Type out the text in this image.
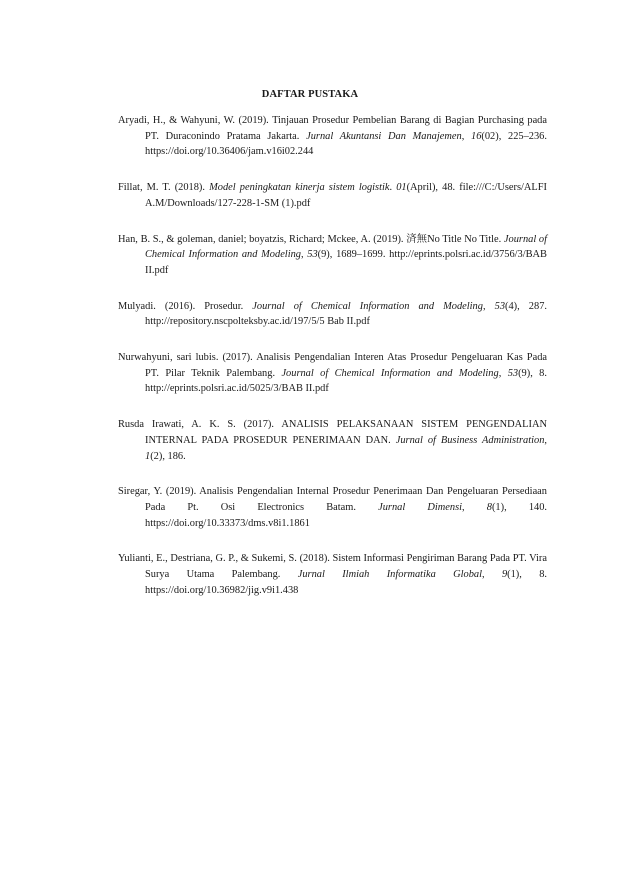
DAFTAR PUSTAKA
Aryadi, H., & Wahyuni, W. (2019). Tinjauan Prosedur Pembelian Barang di Bagian Purchasing pada PT. Duraconindo Pratama Jakarta. Jurnal Akuntansi Dan Manajemen, 16(02), 225–236. https://doi.org/10.36406/jam.v16i02.244
Fillat, M. T. (2018). Model peningkatan kinerja sistem logistik. 01(April), 48. file:///C:/Users/ALFI A.M/Downloads/127-228-1-SM (1).pdf
Han, B. S., & goleman, daniel; boyatzis, Richard; Mckee, A. (2019). 済無No Title No Title. Journal of Chemical Information and Modeling, 53(9), 1689–1699. http://eprints.polsri.ac.id/3756/3/BAB II.pdf
Mulyadi. (2016). Prosedur. Journal of Chemical Information and Modeling, 53(4), 287. http://repository.nscpolteksby.ac.id/197/5/5 Bab II.pdf
Nurwahyuni, sari lubis. (2017). Analisis Pengendalian Interen Atas Prosedur Pengeluaran Kas Pada PT. Pilar Teknik Palembang. Journal of Chemical Information and Modeling, 53(9), 8. http://eprints.polsri.ac.id/5025/3/BAB II.pdf
Rusda Irawati, A. K. S. (2017). ANALISIS PELAKSANAAN SISTEM PENGENDALIAN INTERNAL PADA PROSEDUR PENERIMAAN DAN. Jurnal of Business Administration, 1(2), 186.
Siregar, Y. (2019). Analisis Pengendalian Internal Prosedur Penerimaan Dan Pengeluaran Persediaan Pada Pt. Osi Electronics Batam. Jurnal Dimensi, 8(1), 140. https://doi.org/10.33373/dms.v8i1.1861
Yulianti, E., Destriana, G. P., & Sukemi, S. (2018). Sistem Informasi Pengiriman Barang Pada PT. Vira Surya Utama Palembang. Jurnal Ilmiah Informatika Global, 9(1), 8. https://doi.org/10.36982/jig.v9i1.438
